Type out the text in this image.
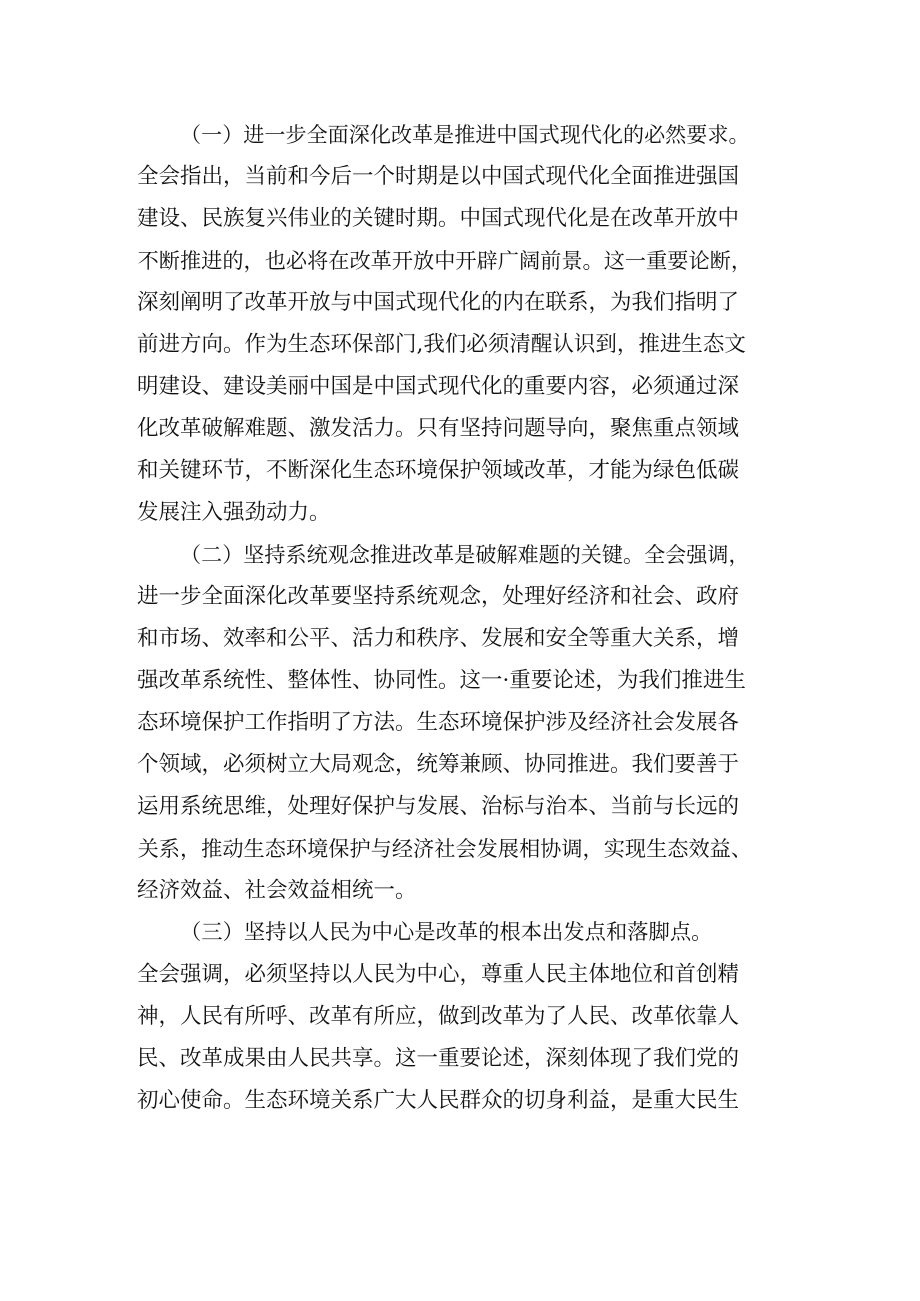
（一）进一步全面深化改革是推进中国式现代化的必然要求。
全会指出，当前和今后一个时期是以中国式现代化全面推进强国
建设、民族复兴伟业的关键时期。中国式现代化是在改革开放中
不断推进的，也必将在改革开放中开辟广阔前景。这一重要论断，
深刻阐明了改革开放与中国式现代化的内在联系，为我们指明了
前进方向。作为生态环保部门,我们必须清醒认识到，推进生态文
明建设、建设美丽中国是中国式现代化的重要内容，必须通过深
化改革破解难题、激发活力。只有坚持问题导向，聚焦重点领域
和关键环节，不断深化生态环境保护领域改革，才能为绿色低碳
发展注入强劲动力。
（二）坚持系统观念推进改革是破解难题的关键。全会强调，
进一步全面深化改革要坚持系统观念，处理好经济和社会、政府
和市场、效率和公平、活力和秩序、发展和安全等重大关系，增
强改革系统性、整体性、协同性。这一·重要论述，为我们推进生
态环境保护工作指明了方法。生态环境保护涉及经济社会发展各
个领域，必须树立大局观念，统筹兼顾、协同推进。我们要善于
运用系统思维，处理好保护与发展、治标与治本、当前与长远的
关系，推动生态环境保护与经济社会发展相协调，实现生态效益、
经济效益、社会效益相统一。
（三）坚持以人民为中心是改革的根本出发点和落脚点。
全会强调，必须坚持以人民为中心，尊重人民主体地位和首创精
神，人民有所呼、改革有所应，做到改革为了人民、改革依靠人
民、改革成果由人民共享。这一重要论述，深刻体现了我们党的
初心使命。生态环境关系广大人民群众的切身利益，是重大民生
